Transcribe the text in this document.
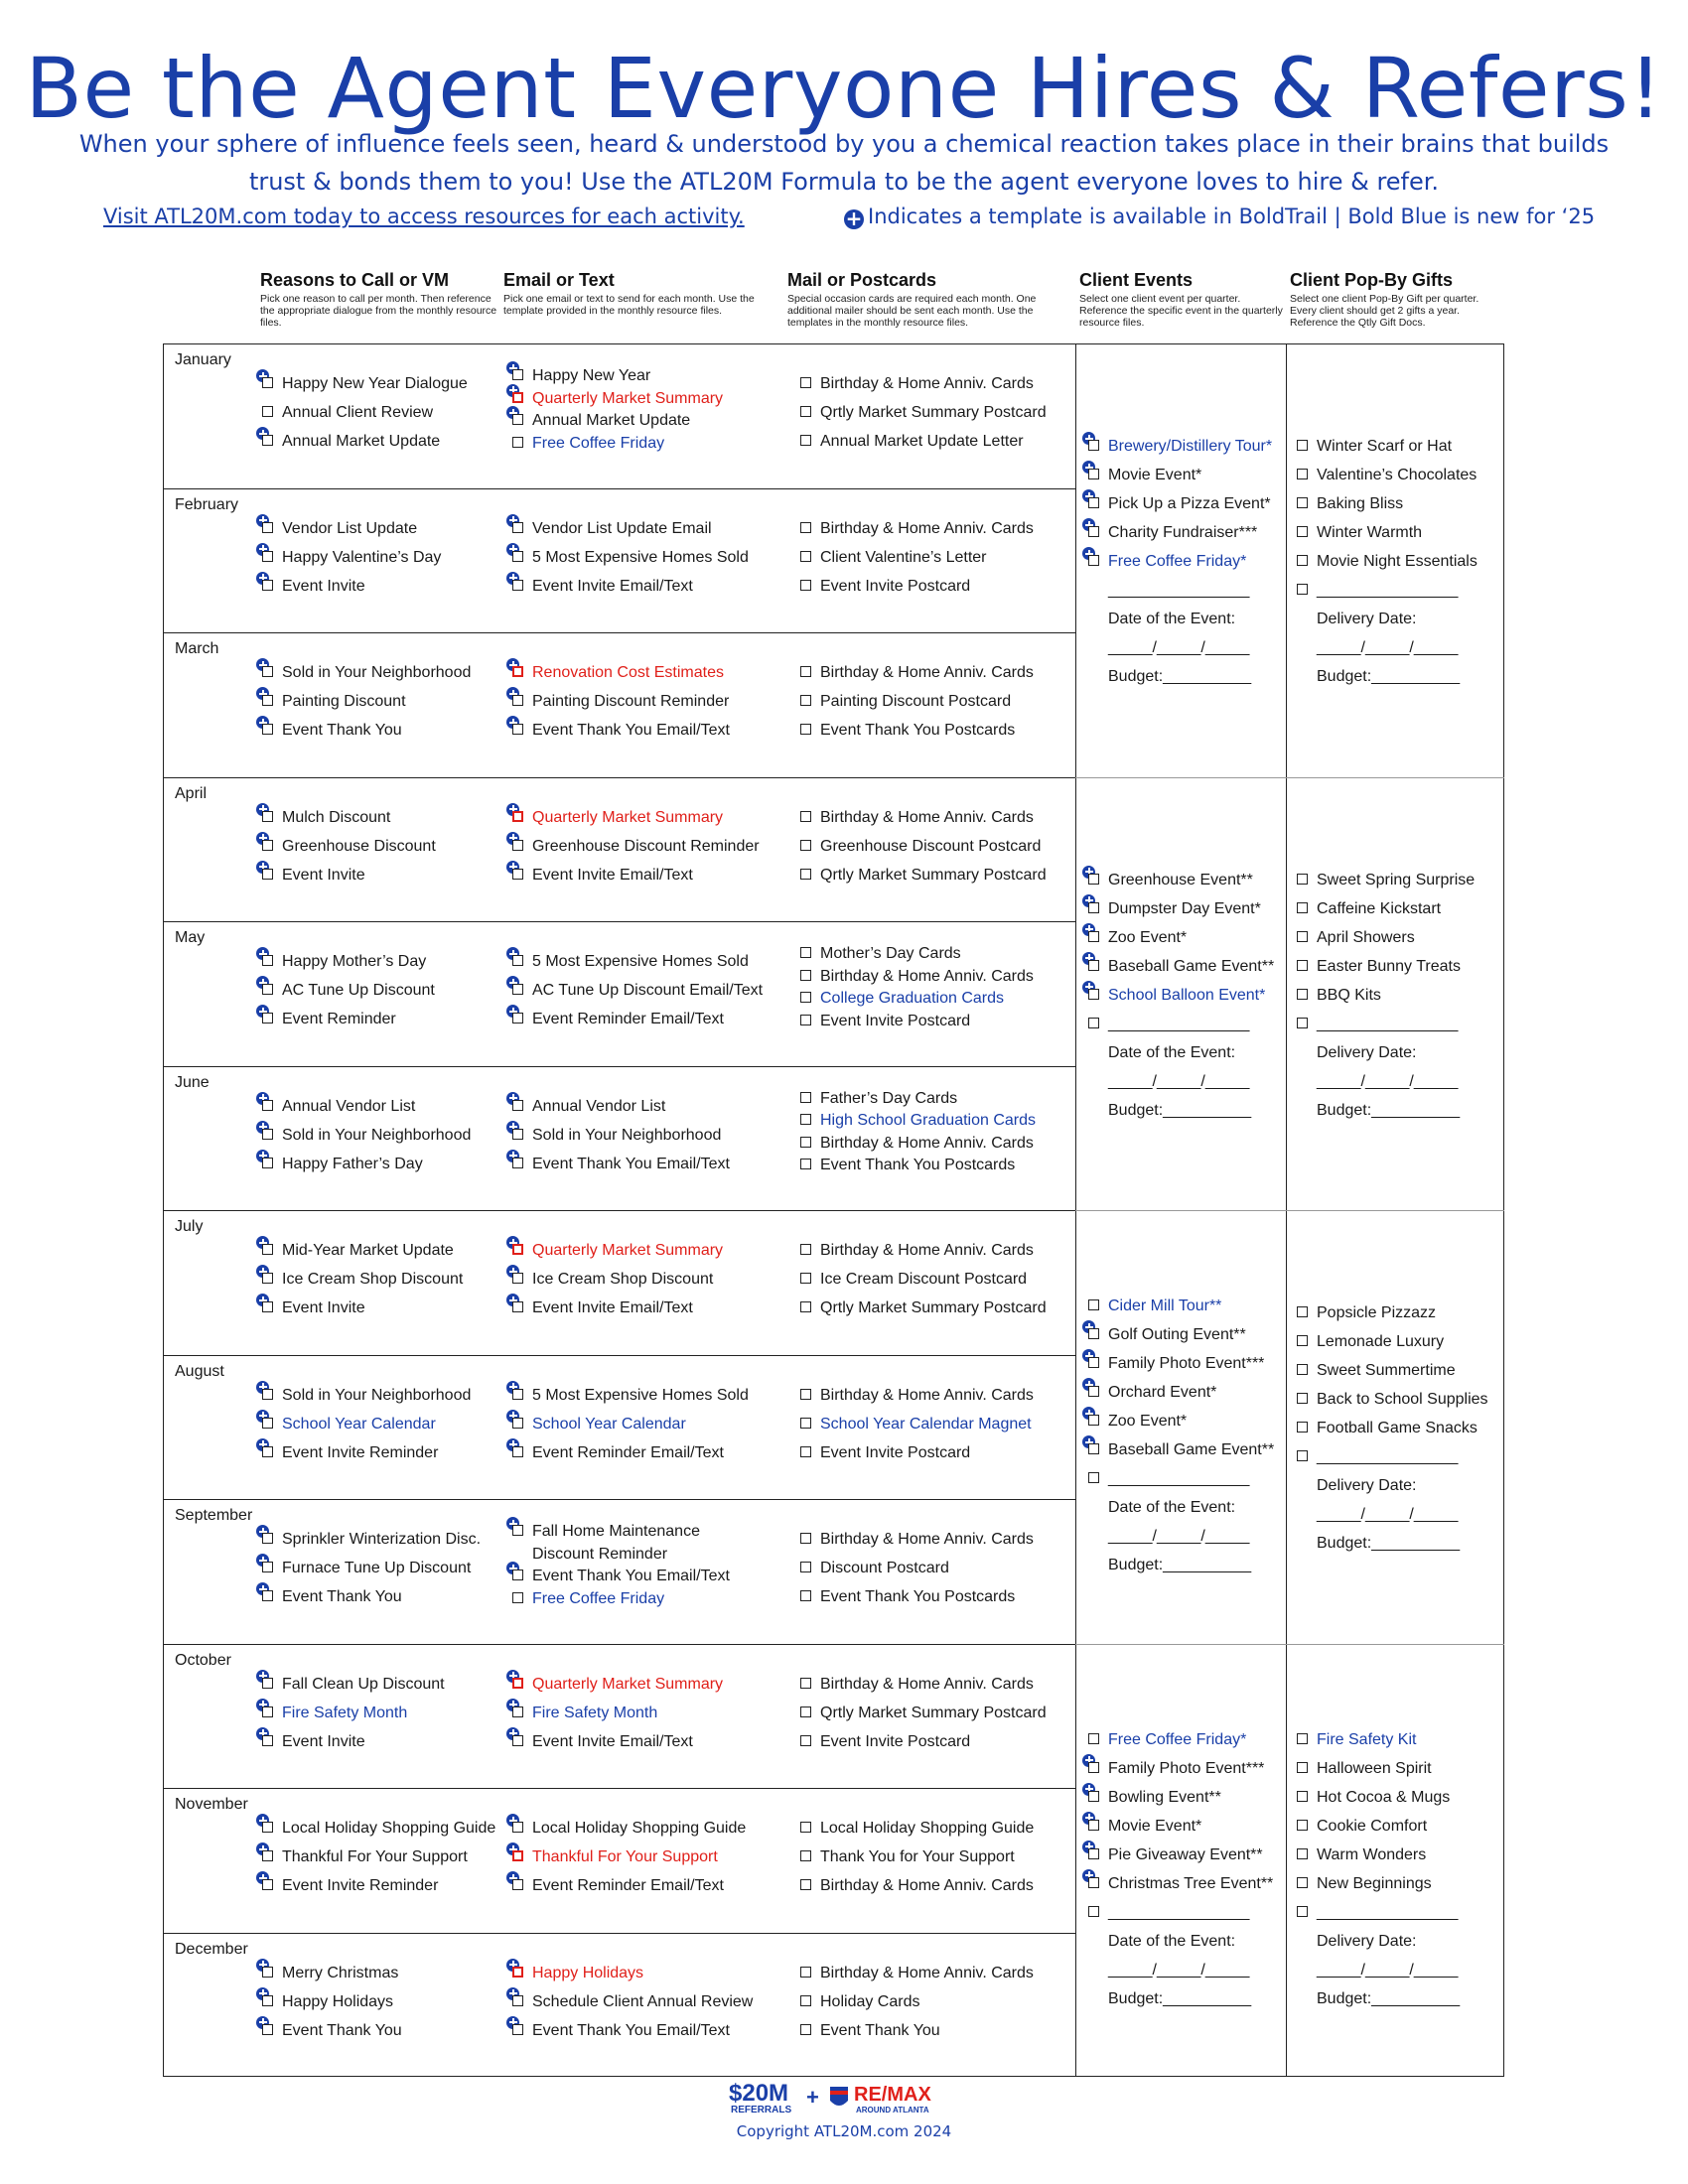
Be the Agent Everyone Hires & Refers!
When your sphere of influence feels seen, heard & understood by you a chemical reaction takes place in their brains that builds trust & bonds them to you! Use the ATL20M Formula to be the agent everyone loves to hire & refer.
Visit ATL20M.com today to access resources for each activity.	+ Indicates a template is available in BoldTrail | Bold Blue is new for ‘25
Reasons to Call or VM
Pick one reason to call per month. Then reference the appropriate dialogue from the monthly resource files.
Email or Text
Pick one email or text to send for each month. Use the template provided in the monthly resource files.
Mail or Postcards
Special occasion cards are required each month. One additional mailer should be sent each month. Use the templates in the monthly resource files.
Client Events
Select one client event per quarter. Reference the specific event in the quarterly resource files.
Client Pop-By Gifts
Select one client Pop-By Gift per quarter. Every client should get 2 gifts a year. Reference the Qtly Gift Docs.
January
Happy New Year Dialogue
Annual Client Review
Annual Market Update
Happy New Year
Quarterly Market Summary
Annual Market Update
Free Coffee Friday
Birthday & Home Anniv. Cards
Qrtly Market Summary Postcard
Annual Market Update Letter
February
Vendor List Update
Happy Valentine’s Day
Event Invite
Vendor List Update Email
5 Most Expensive Homes Sold
Event Invite Email/Text
Birthday & Home Anniv. Cards
Client Valentine’s Letter
Event Invite Postcard
March
Sold in Your Neighborhood
Painting Discount
Event Thank You
Renovation Cost Estimates
Painting Discount Reminder
Event Thank You Email/Text
Birthday & Home Anniv. Cards
Painting Discount Postcard
Event Thank You Postcards
April
Mulch Discount
Greenhouse Discount
Event Invite
Quarterly Market Summary
Greenhouse Discount Reminder
Event Invite Email/Text
Birthday & Home Anniv. Cards
Greenhouse Discount Postcard
Qrtly Market Summary Postcard
May
Happy Mother’s Day
AC Tune Up Discount
Event Reminder
5 Most Expensive Homes Sold
AC Tune Up Discount Email/Text
Event Reminder Email/Text
Mother’s Day Cards
Birthday & Home Anniv. Cards
College Graduation Cards
Event Invite Postcard
June
Annual Vendor List
Sold in Your Neighborhood
Happy Father’s Day
Annual Vendor List
Sold in Your Neighborhood
Event Thank You Email/Text
Father’s Day Cards
High School Graduation Cards
Birthday & Home Anniv. Cards
Event Thank You Postcards
July
Mid-Year Market Update
Ice Cream Shop Discount
Event Invite
Quarterly Market Summary
Ice Cream Shop Discount
Event Invite Email/Text
Birthday & Home Anniv. Cards
Ice Cream Discount Postcard
Qrtly Market Summary Postcard
August
Sold in Your Neighborhood
School Year Calendar
Event Invite Reminder
5 Most Expensive Homes Sold
School Year Calendar
Event Reminder Email/Text
Birthday & Home Anniv. Cards
School Year Calendar Magnet
Event Invite Postcard
September
Sprinkler Winterization Disc.
Furnace Tune Up Discount
Event Thank You
Fall Home Maintenance
Discount Reminder
Event Thank You Email/Text
Free Coffee Friday
Birthday & Home Anniv. Cards
Discount Postcard
Event Thank You Postcards
October
Fall Clean Up Discount
Fire Safety Month
Event Invite
Quarterly Market Summary
Fire Safety Month
Event Invite Email/Text
Birthday & Home Anniv. Cards
Qrtly Market Summary Postcard
Event Invite Postcard
November
Local Holiday Shopping Guide
Thankful For Your Support
Event Invite Reminder
Local Holiday Shopping Guide
Thankful For Your Support
Event Reminder Email/Text
Local Holiday Shopping Guide
Thank You for Your Support
Birthday & Home Anniv. Cards
December
Merry Christmas
Happy Holidays
Event Thank You
Happy Holidays
Schedule Client Annual Review
Event Thank You Email/Text
Birthday & Home Anniv. Cards
Holiday Cards
Event Thank You
Brewery/Distillery Tour*
Movie Event*
Pick Up a Pizza Event*
Charity Fundraiser***
Free Coffee Friday*
________________
Winter Scarf or Hat
Valentine’s Chocolates
Baking Bliss
Winter Warmth
Movie Night Essentials
________________
Date of the Event:
_____/_____/_____
Budget:__________
Delivery Date:
_____/_____/_____
Budget:__________
Greenhouse Event**
Dumpster Day Event*
Zoo Event*
Baseball Game Event**
School Balloon Event*
________________
Sweet Spring Surprise
Caffeine Kickstart
April Showers
Easter Bunny Treats
BBQ Kits
________________
Date of the Event:
_____/_____/_____
Budget:__________
Delivery Date:
_____/_____/_____
Budget:__________
Cider Mill Tour**
Golf Outing Event**
Family Photo Event***
Orchard Event*
Zoo Event*
Baseball Game Event**
________________
Popsicle Pizzazz
Lemonade Luxury
Sweet Summertime
Back to School Supplies
Football Game Snacks
________________
Date of the Event:
_____/_____/_____
Budget:__________
Delivery Date:
_____/_____/_____
Budget:__________
Free Coffee Friday*
Family Photo Event***
Bowling Event**
Movie Event*
Pie Giveaway Event**
Christmas Tree Event**
________________
Fire Safety Kit
Halloween Spirit
Hot Cocoa & Mugs
Cookie Comfort
Warm Wonders
New Beginnings
________________
Date of the Event:
_____/_____/_____
Budget:__________
Delivery Date:
_____/_____/_____
Budget:__________
$20M
REFERRALS
+ RE/MAX
AROUND ATLANTA
Copyright ATL20M.com 2024
